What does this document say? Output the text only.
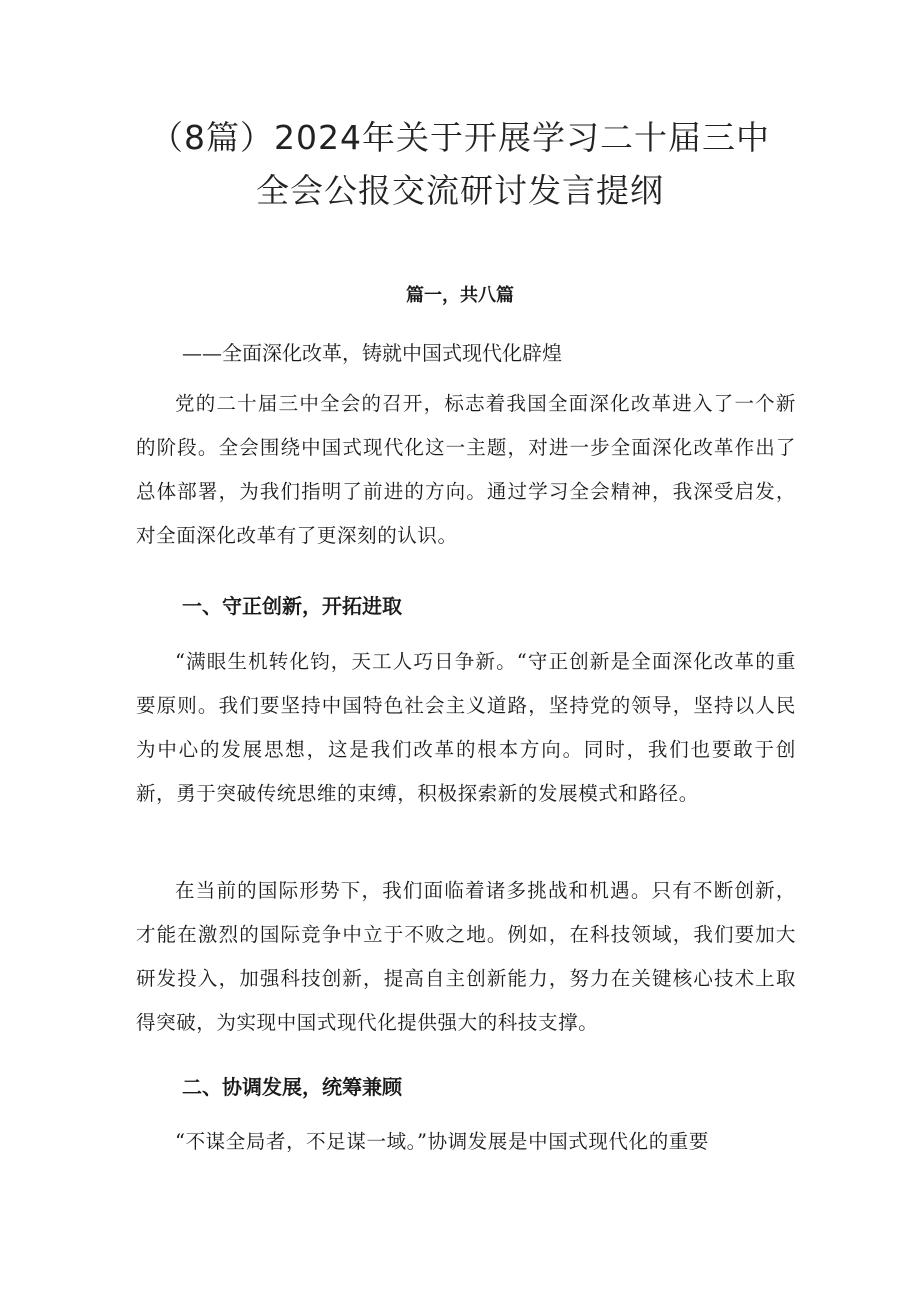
（8篇）2024年关于开展学习二十届三中
全会公报交流研讨发言提纲
篇一，共八篇

——全面深化改革，铸就中国式现代化辟煌

党的二十届三中全会的召开，标志着我国全面深化改革进入了一个新的阶段。全会围绕中国式现代化这一主题，对进一步全面深化改革作出了总体部署，为我们指明了前进的方向。通过学习全会精神，我深受启发，对全面深化改革有了更深刻的认识。

一、守正创新，开拓进取

“满眼生机转化钧，天工人巧日争新。“守正创新是全面深化改革的重要原则。我们要坚持中国特色社会主义道路，坚持党的领导，坚持以人民为中心的发展思想，这是我们改革的根本方向。同时，我们也要敢于创新，勇于突破传统思维的束缚，积极探索新的发展模式和路径。

在当前的国际形势下，我们面临着诸多挑战和机遇。只有不断创新，才能在激烈的国际竞争中立于不败之地。例如，在科技领域，我们要加大研发投入，加强科技创新，提高自主创新能力，努力在关键核心技术上取得突破，为实现中国式现代化提供强大的科技支撑。

二、协调发展，统筹兼顾

“不谋全局者，不足谋一域。”协调发展是中国式现代化的重要
